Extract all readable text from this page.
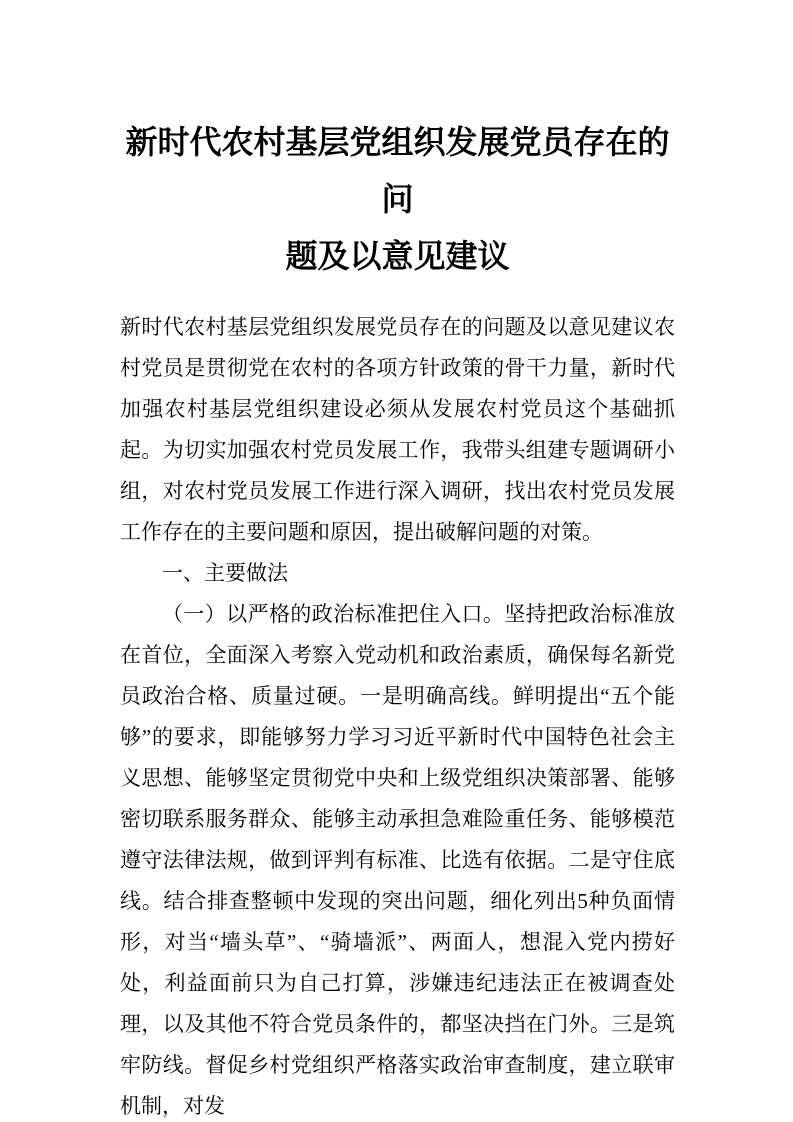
新时代农村基层党组织发展党员存在的问
题及以意见建议

新时代农村基层党组织发展党员存在的问题及以意见建议农村党员是贯彻党在农村的各项方针政策的骨干力量，新时代加强农村基层党组织建设必须从发展农村党员这个基础抓起。为切实加强农村党员发展工作，我带头组建专题调研小组，对农村党员发展工作进行深入调研，找出农村党员发展工作存在的主要问题和原因，提出破解问题的对策。

一、主要做法

（一）以严格的政治标准把住入口。坚持把政治标准放在首位，全面深入考察入党动机和政治素质，确保每名新党员政治合格、质量过硬。一是明确高线。鲜明提出“五个能够”的要求，即能够努力学习习近平新时代中国特色社会主义思想、能够坚定贯彻党中央和上级党组织决策部署、能够密切联系服务群众、能够主动承担急难险重任务、能够模范遵守法律法规，做到评判有标准、比选有依据。二是守住底线。结合排查整顿中发现的突出问题，细化列出5种负面情形，对当“墙头草”、“骑墙派”、两面人，想混入党内捞好处，利益面前只为自己打算，涉嫌违纪违法正在被调查处理，以及其他不符合党员条件的，都坚决挡在门外。三是筑牢防线。督促乡村党组织严格落实政治审查制度，建立联审机制，对发
